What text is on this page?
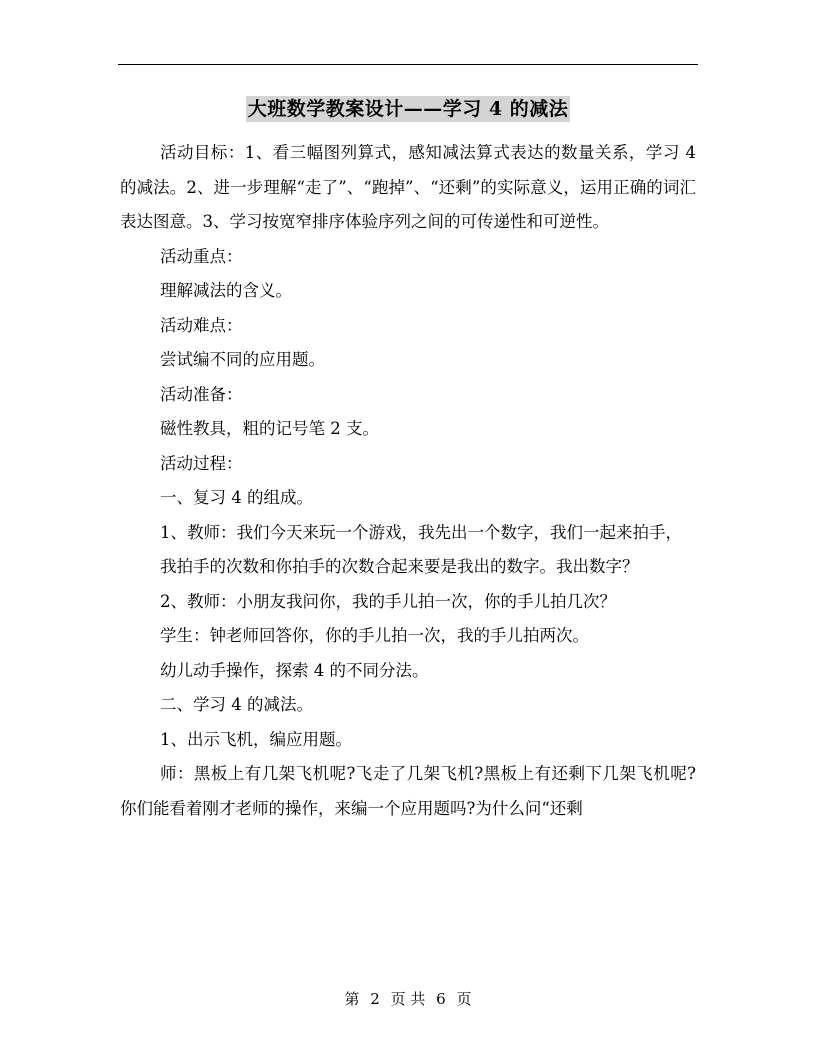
大班数学教案设计——学习 4 的减法

活动目标：1、看三幅图列算式，感知减法算式表达的数量关系，学习 4 的减法。2、进一步理解“走了”、“跑掉”、“还剩”的实际意义，运用正确的词汇表达图意。3、学习按宽窄排序体验序列之间的可传递性和可逆性。

活动重点：

理解减法的含义。

活动难点：

尝试编不同的应用题。

活动准备：

磁性教具，粗的记号笔 2 支。

活动过程：

一、复习 4 的组成。

1、教师：我们今天来玩一个游戏，我先出一个数字，我们一起来拍手，

我拍手的次数和你拍手的次数合起来要是我出的数字。我出数字？

2、教师：小朋友我问你，我的手儿拍一次，你的手儿拍几次？

学生：钟老师回答你，你的手儿拍一次，我的手儿拍两次。

幼儿动手操作，探索 4 的不同分法。

二、学习 4 的减法。

1、出示飞机，编应用题。

师：黑板上有几架飞机呢?飞走了几架飞机?黑板上有还剩下几架飞机呢?你们能看着刚才老师的操作，来编一个应用题吗?为什么问“还剩

第 2 页 共 6 页
